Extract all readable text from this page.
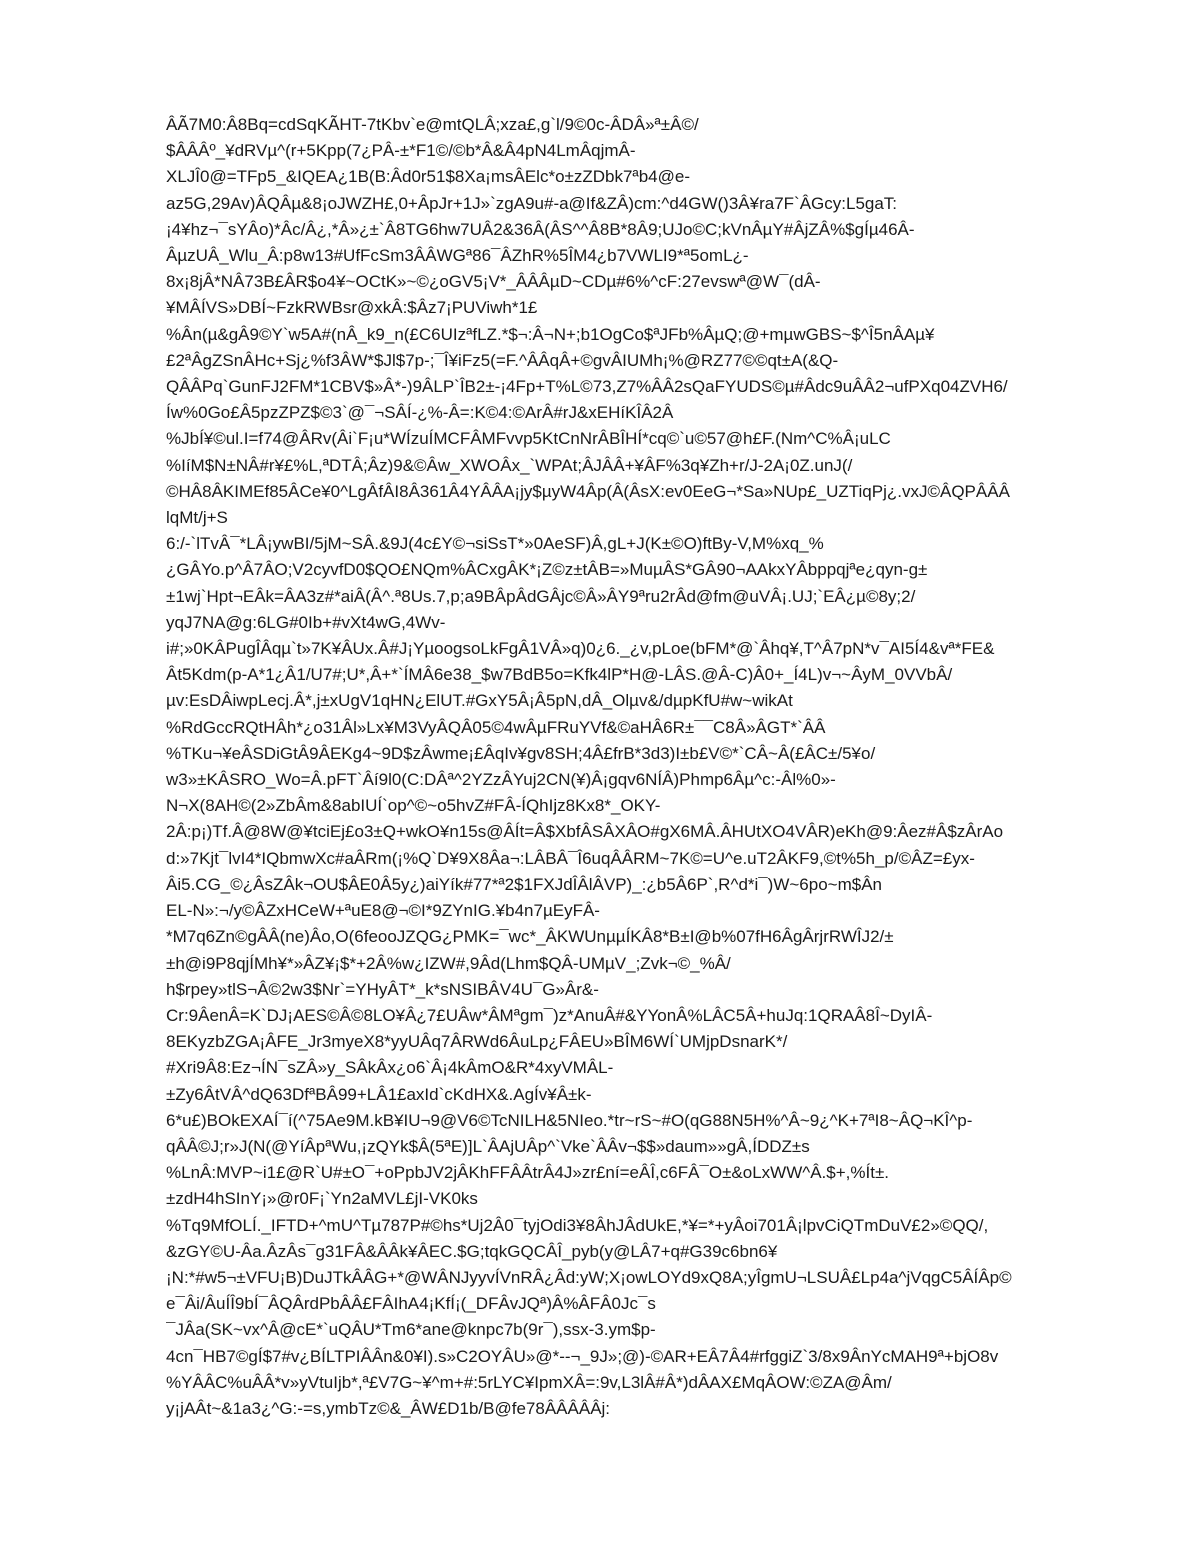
ÂÃ7M0:Â8Bq=cdSqKÃHT-7tKbv`e@mtQLÂ;xza£,g`l/9©0c-ÂDÂ»ª±Â©/
$ÂÂÂº_¥dRVµ^(r+5Kpp(7¿PÂ-±*F1©/©b*Â&Â4pN4LmÂqjmÂ-
XLJÎ0@=TFp5_&IQEA¿1B(B:Âd0r51$8Xa¡msÂElc*o±zZDbk7ªb4@e-
az5G,29Av)ÂQÂµ&8¡oJWZH£,0+ÂpJr+1J»`zgA9u#-a@If&ZÂ)cm:^d4GW()3Â¥ra7F`ÂGcy:L5gaT:
¡4¥hz¬¯sYÂo)*Âc/Â¿,*Â»¿±`Â8TG6hw7UÂ2&36Â(ÂS^^Â8B*8Â9;UJo©C;kVnÂµY#ÂjZÂ%$gÍµ46Â-
ÂµzUÂ_Wlu_Â:p8w13#UfFcSm3ÂÂWGª86¯ÂZhR%5ÎM4¿b7VWLI9*ª5omL¿-
8x¡8jÂ*NÂ73B£ÂR$o4¥~OCtK»~©¿oGV5¡V*_ÂÂÂµD~CDµ#6%^cF:27evswª@W¯(dÂ-
¥MÂÍVS»DBÍ~FzkRWBsr@xkÂ:$Âz7¡PUViwh*1£
%Ân(µ&gÂ9©Y`w5A#(nÂ_k9_n(£C6UIzªfLZ.*$¬:Â¬N+;b1OgCo$ªJFb%ÂµQ;@+mµwGBS~$^Î5nÂAµ¥
£2ªÂgZSnÂHc+Sj¿%f3ÂW*$Jl$7p-;¯Î¥iFz5(=F.^ÂÂqÂ+©gvÂIUMh¡%@RZ77©©qt±A(&Q-
QÂÂPq`GunFJ2FM*1CBV$»Â*-)9ÂLP`ÎB2±-¡4Fp+T%L©73,Z7%ÂÂ2sQaFYUDS©µ#Âdc9uÂÂ2¬ufPXq04ZVH6/
Íw%0Go£Â5pzZPZ$©3`@¯¬SÂÍ-¿%-Â=:K©4:©ArÂ#rJ&xEHíKÎÂ2Â
%JbÍ¥©ul.I=f74@ÂRv(Âi`F¡u*WÍzuÍMCFÂMFvvp5KtCnNrÂBÎHÍ*cq©`u©57@h£F.(Nm^C%Â¡uLC
%IíM$N±NÂ#r¥£%L,ªDTÂ;Âz)9&©Âw_XWOÂx_`WPAt;ÂJÂÂ+¥ÂF%3q¥Zh+r/J-2A¡0Z.unJ(/
©HÂ8ÂKIMEf85ÂCe¥0^LgÂfÂI8Â361Â4YÂÂA¡jy$µyW4Âp(Â(ÂsX:ev0EeG¬*Sa»NUp£_UZTiqPj¿.vxJ©ÂQPÂÂÂ
lqMt/j+S
6:/-`lTvÂ¯*LÂ¡ywBI/5jM~SÂ.&9J(4c£Y©¬siSsT*»0AeSF)Â,gL+J(K±©O)ftBy-V,M%xq_%
¿GÂYo.p^Â7ÂO;V2cyvfD0$QO£NQm%ÂCxgÂK*¡Z©z±tÂB=»MuµÂS*GÂ90¬AAkxYÂbppqjªe¿qyn-g±
±1wj`Hpt¬EÂk=ÂA3z#*aiÂ(Â^.ª8Us.7,p;a9BÂpÂdGÂjc©Â»ÂY9ªru2rÂd@fm@uVÂ¡.UJ;`EÂ¿µ©8y;2/
yqJ7NA@g:6LG#0Ib+#vXt4wG,4Wv-
i#;»0KÂPugÎÂqµ`t»7K¥ÂUx.Â#J¡YµoogsoLkFgÂ1VÂ»q)0¿6._¿v,pLoe(bFM*@`Âhq¥,T^Â7pN*v¯AI5Í4&vª*FE&
Ât5Kdm(p-A*1¿Â1/U7#;U*,Â+*`ÍMÂ6e38_$w7BdB5o=Kfk4lP*H@-LÂS.@Â-C)Â0+_Í4L)v¬~ÂyM_0VVbÂ/
µv:EsDÂiwpLecj.Â*,j±xUgV1qHN¿ElUT.#GxY5Â¡Â5pN,dÂ_Olµv&/dµpKfU#w~wikAt
%RdGccRQtHÂh*¿o31Âl»Lx¥M3VyÂQÂ05©4wÂµFRuYVf&©aHÂ6R±¯¯C8Â»ÂGT*`ÂÂ
%TKu¬¥eÂSDiGtÂ9ÂEKg4~9D$zÂwme¡£ÂqIv¥gv8SH;4Â£frB*3d3)I±b£V©*`CÂ~Â(£ÂC±/5¥o/
w3»±KÂSRO_Wo=Â.pFT`Âí9l0(C:DÂª^2YZzÂYuj2CN(¥)Â¡gqv6NÍÂ)Phmp6Âµ^c:-Âl%0»-
N¬X(8AH©(2»ZbÂm&8abIUÍ`op^©~o5hvZ#FÂ-ÍQhIjz8Kx8*_OKY-
2Â:p¡)Tf.Â@8W@¥tciEj£o3±Q+wkO¥n15s@ÂÍt=Â$XbfÂSÂXÂO#gX6MÂ.ÂHUtXO4VÂR)eKh@9:Âez#Â$zÂrAo
d:»7Kjt¯lvI4*IQbmwXc#aÂRm(¡%Q`D¥9X8Âa¬:LÂBÂ¯Î6uqÂÂRM~7K©=U^e.uT2ÂKF9,©t%5h_p/©ÂZ=£yx-
Âi5.CG_©¿ÂsZÂk¬OU$ÂE0Â5y¿)aiYík#77*ª2$1FXJdÎÂlÂVP)_:¿b5Â6P`,R^d*i¯)W~6po~m$Ân
EL-N»:¬/y©ÂZxHCeW+ªuE8@¬©I*9ZYnIG.¥b4n7µEyFÂ-
*M7q6Zn©gÂÂ(ne)Âo,O(6feooJZQG¿PMK=¯wc*_ÂKWUnµµÍKÂ8*B±I@b%07fH6ÂgÂrjrRWÎJ2/±
±h@i9P8qjÍMh¥*»ÂZ¥¡$*+2Â%w¿IZW#,9Âd(Lhm$QÂ-UMµV_;Zvk¬©_%Â/
h$rpey»tlS¬Â©2w3$Nr`=YHyÂT*_k*sNSIBÂV4U¯G»Âr&-
Cr:9ÂenÂ=K`DJ¡AES©Â©8LO¥Â¿7£UÂw*ÂMªgm¯)z*AnuÂ#&YYonÂ%LÂC5Â+huJq:1QRAÂ8Î~DyIÂ-
8EKyzbZGA¡ÂFE_Jr3myeX8*yyUÂq7ÂRWd6ÂuLp¿FÂEU»BÎM6WÍ`UMjpDsnarK*/
#Xri9Â8:Ez¬ÍN¯sZÂ»y_SÂkÂx¿o6`Â¡4kÂmO&R*4xyVMÂL-
±Zy6ÂtVÂ^dQ63DfªBÂ99+LÂ1£axId`cKdHX&.AgÍv¥Â±k-
6*u£)BOkEXAÍ¯í(^75Ae9M.kB¥IU¬9@V6©TcNILH&5NIeo.*tr~rS~#O(qG88N5H%^Â~9¿^K+7ªI8~ÂQ¬KÎ^p-
qÂÂ©J;r»J(N(@YíÂpªWu,¡zQYk$Â(5ªE)]L`ÂAjUÂp^`Vke`ÂÂv¬$$»daum»»gÂ,ÍDDZ±s
%LnÂ:MVP~i1£@R`U#±O¯+oPpbJV2jÂKhFFÂÂtrÂ4J»zr£ní=eÂÎ,c6FÂ¯O±&oLxWW^Â.$+,%Ít±.
±zdH4hSInY¡»@r0F¡`Yn2aMVL£jI-VK0ks
%Tq9MfOLÍ._IFTD+^mU^Tµ787P#©hs*Uj2Â0¯tyjOdi3¥8ÂhJÂdUkE,*¥=*+yÂoi701Â¡lpvCiQTmDuV£2»©QQ/,
&zGY©U-Âa.ÂzÂs¯g31FÂ&ÂÂk¥ÂEC.$G;tqkGQCÂÎ_pyb(y@LÂ7+q#G39c6bn6¥
¡N:*#w5¬±VFU¡B)DuJTkÂÂG+*@WÂNJyyvÍVnRÂ¿Âd:yW;X¡owLOYd9xQ8A;yÎgmU¬LSUÂ£Lp4a^jVqgC5ÂÍÂp©
e¯Âi/ÂuÍÎ9bÍ¯ÂQÂrdPbÂÂ£FÂIhA4¡KfÍ¡(_DFÂvJQª)Â%ÂFÂ0Jc¯s
¯JÂa(SK~vx^Â@cE*`uQÂU*Tm6*ane@knpc7b(9r¯),ssx-3.ym$p-
4cn¯HB7©gÍ$7#v¿BÍLTPIÂÂn&0¥I).s»C2OYÂU»@*--¬_9J»;@)-©AR+EÂ7Â4#rfggiZ`3/8x9ÂnYcMAH9ª+bjO8v
%YÂÂC%uÂÂ*v»yVtuIjb*,ª£V7G~¥^m+#:5rLYC¥IpmXÂ=:9v,L3lÂ#Â*)dÂAX£MqÂOW:©ZA@Âm/
y¡jAÂt~&1a3¿^G:-=s,ymbTz©&_ÂW£D1b/B@fe78ÂÂÂÂÂj:
